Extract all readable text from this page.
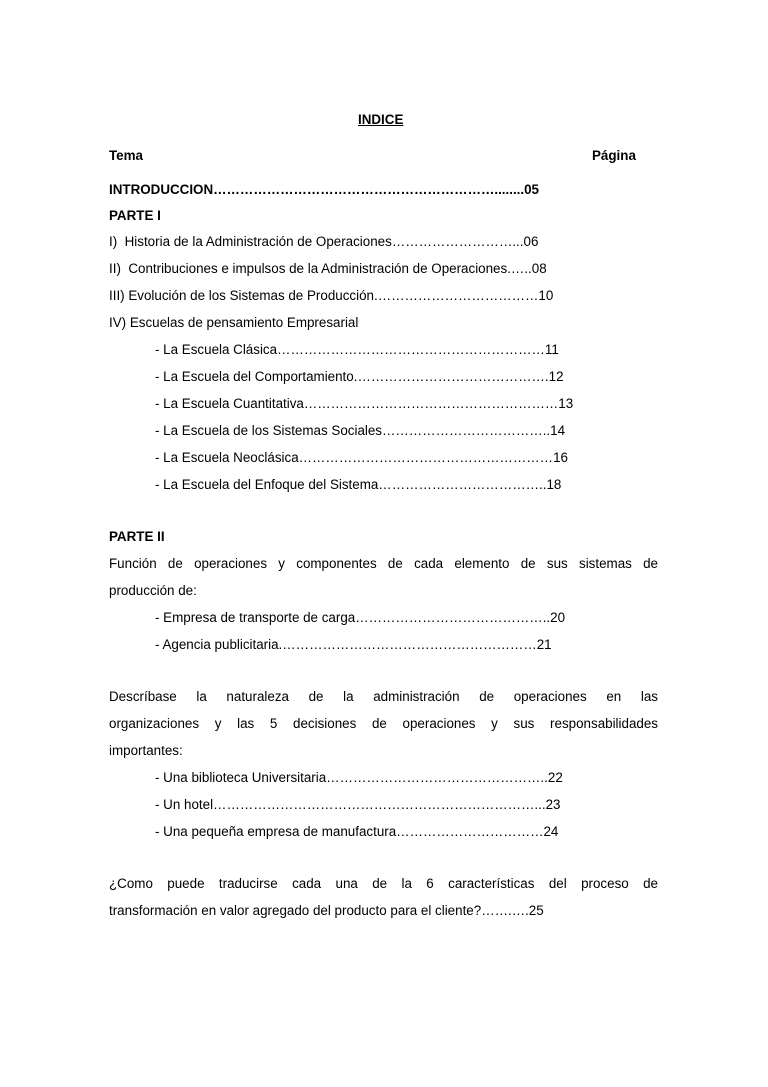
INDICE
Tema	Página
INTRODUCCION………………………………………………………........05
PARTE I
I)  Historia de la Administración de Operaciones………………………...06
II)  Contribuciones e impulsos de la Administración de Operaciones.…..08
III) Evolución de los Sistemas de Producción.………………………………10
IV) Escuelas de pensamiento Empresarial
- La Escuela Clásica……………………………………………………11
- La Escuela del Comportamiento.…………………………………….12
- La Escuela Cuantitativa…………………………………………………13
- La Escuela de los Sistemas Sociales………………………………..14
- La Escuela Neoclásica…………………………………………………16
- La Escuela del Enfoque del Sistema………………………………..18
PARTE II
Función de operaciones y componentes de cada elemento de sus sistemas de
producción de:
- Empresa de transporte de carga……………………………………..20
- Agencia publicitaria.…………………………………………………21
Descríbase la naturaleza de la administración de operaciones en las
organizaciones y las 5 decisiones de operaciones y sus responsabilidades
importantes:
- Una biblioteca Universitaria…………………………………………..22
- Un hotel………………………………………………………………...23
- Una pequeña empresa de manufactura……………………………24
¿Como puede traducirse cada una de la 6 características del proceso de
transformación en valor agregado del producto para el cliente?…….….25
